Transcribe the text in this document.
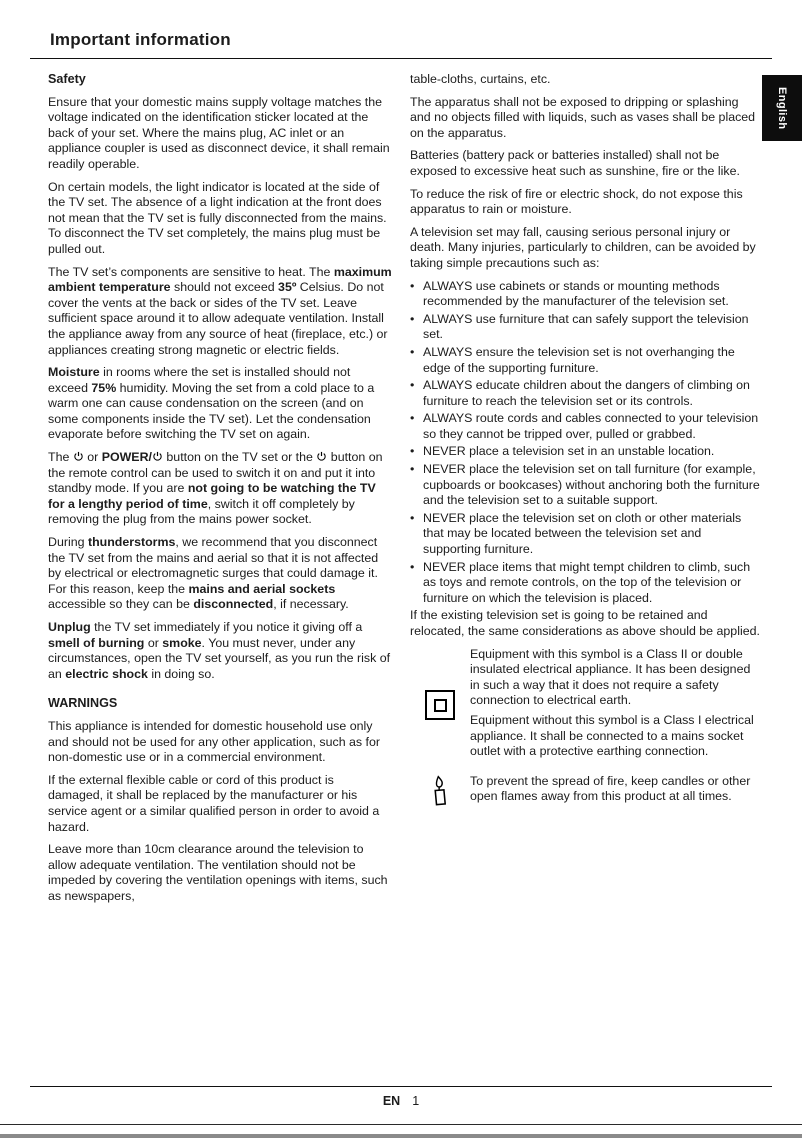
Important information
English
Safety

Ensure that your domestic mains supply voltage matches the voltage indicated on the identification sticker located at the back of your set. Where the mains plug, AC inlet or an appliance coupler is used as disconnect device, it shall remain readily operable.

On certain models, the light indicator is located at the side of the TV set. The absence of a light indication at the front does not mean that the TV set is fully disconnected from the mains. To disconnect the TV set completely, the mains plug must be pulled out.

The TV set’s components are sensitive to heat. The maximum ambient temperature should not exceed 35º Celsius. Do not cover the vents at the back or sides of the TV set. Leave sufficient space around it to allow adequate ventilation. Install the appliance away from any source of heat (fireplace, etc.) or appliances creating strong magnetic or electric fields.

Moisture in rooms where the set is installed should not exceed 75% humidity. Moving the set from a cold place to a warm one can cause condensation on the screen (and on some components inside the TV set). Let the condensation evaporate before switching the TV set on again.

The  or POWER/ button on the TV set or the  button on the remote control can be used to switch it on and put it into standby mode. If you are not going to be watching the TV for a lengthy period of time, switch it off completely by removing the plug from the mains power socket.

During thunderstorms, we recommend that you disconnect the TV set from the mains and aerial so that it is not affected by electrical or electromagnetic surges that could damage it. For this reason, keep the mains and aerial sockets accessible so they can be disconnected, if necessary.

Unplug the TV set immediately if you notice it giving off a smell of burning or smoke. You must never, under any circumstances, open the TV set yourself, as you run the risk of an electric shock in doing so.

WARNINGS

This appliance is intended for domestic household use only and should not be used for any other application, such as for non-domestic use or in a commercial environment.

If the external flexible cable or cord of this product is damaged, it shall be replaced by the manufacturer or his service agent or a similar qualified person in order to avoid a hazard.

Leave more than 10cm clearance around the television to allow adequate ventilation. The ventilation should not be impeded by covering the ventilation openings with items, such as newspapers,

table-cloths, curtains, etc.

The apparatus shall not be exposed to dripping or splashing and no objects filled with liquids, such as vases shall be placed on the apparatus.

Batteries (battery pack or batteries installed) shall not be exposed to excessive heat such as sunshine, fire or the like.

To reduce the risk of fire or electric shock, do not expose this apparatus to rain or moisture.

A television set may fall, causing serious personal injury or death. Many injuries, particularly to children, can be avoided by taking simple precautions such as:

• ALWAYS use cabinets or stands or mounting methods recommended by the manufacturer of the television set.
• ALWAYS use furniture that can safely support the television set.
• ALWAYS ensure the television set is not overhanging the edge of the supporting furniture.
• ALWAYS educate children about the dangers of climbing on furniture to reach the television set or its controls.
• ALWAYS route cords and cables connected to your television so they cannot be tripped over, pulled or grabbed.
• NEVER place a television set in an unstable location.
• NEVER place the television set on tall furniture (for example, cupboards or bookcases) without anchoring both the furniture and the television set to a suitable support.
• NEVER place the television set on cloth or other materials that may be located between the television set and supporting furniture.
• NEVER place items that might tempt children to climb, such as toys and remote controls, on the top of the television or furniture on which the television is placed.

If the existing television set is going to be retained and relocated, the same considerations as above should be applied.

Equipment with this symbol is a Class II or double insulated electrical appliance. It has been designed in such a way that it does not require a safety connection to electrical earth.

Equipment without this symbol is a Class I electrical appliance. It shall be connected to a mains socket outlet with a protective earthing connection.

To prevent the spread of fire, keep candles or other open flames away from this product at all times.

EN 1
